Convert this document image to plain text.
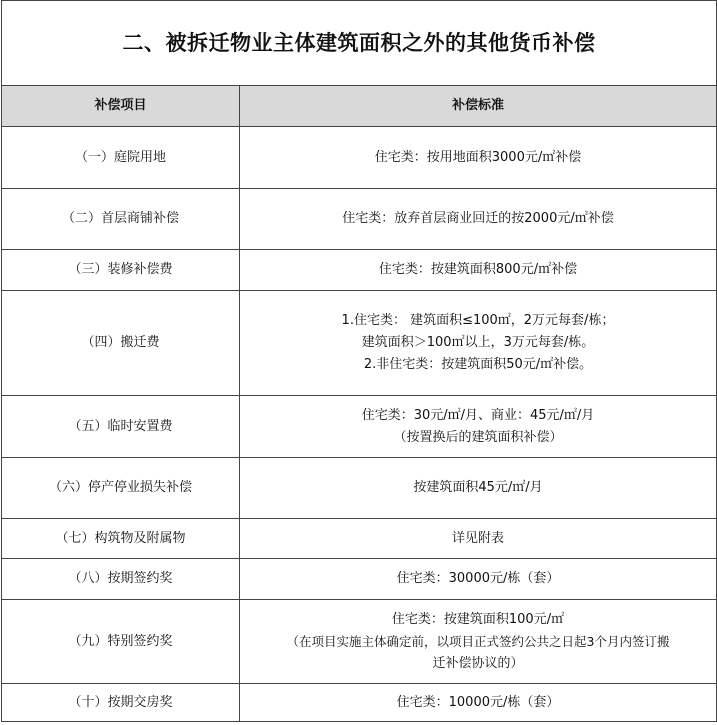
二、被拆迁物业主体建筑面积之外的其他货币补偿	
补偿项目	补偿标准
（一）庭院用地	住宅类：按用地面积3000元/㎡补偿

（二）首层商铺补偿	住宅类：放弃首层商业回迁的按2000元/㎡补偿

（三）装修补偿费	住宅类：按建筑面积800元/㎡补偿

（四）搬迁费	1.住宅类： 建筑面积≤100㎡，2万元每套/栋；
建筑面积＞100㎡以上，3万元每套/栋。
2.非住宅类：按建筑面积50元/㎡补偿。

（五）临时安置费	住宅类：30元/㎡/月、商业：45元/㎡/月
（按置换后的建筑面积补偿）

（六）停产停业损失补偿	按建筑面积45元/㎡/月

（七）构筑物及附属物	详见附表

（八）按期签约奖	住宅类：30000元/栋（套）

（九）特别签约奖	住宅类：按建筑面积100元/㎡
（在项目实施主体确定前，以项目正式签约公共之日起3个月内签订搬
迁补偿协议的）

（十）按期交房奖	住宅类：10000元/栋（套）
